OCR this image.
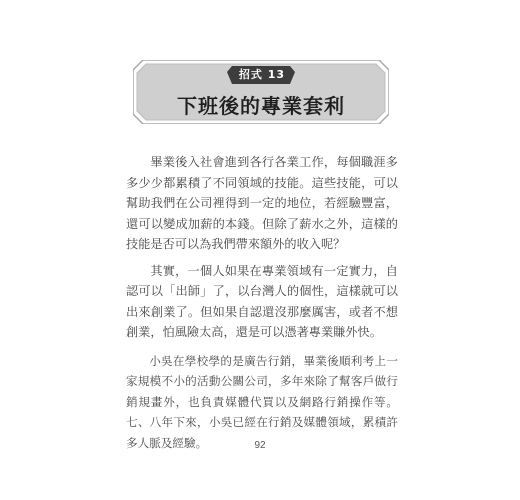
招式 13
下班後的專業套利

畢業後入社會進到各行各業工作，每個職涯多多少少都累積了不同領域的技能。這些技能，可以幫助我們在公司裡得到一定的地位，若經驗豐富，還可以變成加薪的本錢。但除了薪水之外，這樣的技能是否可以為我們帶來額外的收入呢？

其實，一個人如果在專業領域有一定實力，自認可以「出師」了，以台灣人的個性，這樣就可以出來創業了。但如果自認還沒那麼厲害，或者不想創業，怕風險太高，還是可以憑著專業賺外快。

小吳在學校學的是廣告行銷，畢業後順利考上一家規模不小的活動公關公司，多年來除了幫客戶做行銷規畫外，也負責媒體代買以及網路行銷操作等。七、八年下來，小吳已經在行銷及媒體領域，累積許多人脈及經驗。	92
